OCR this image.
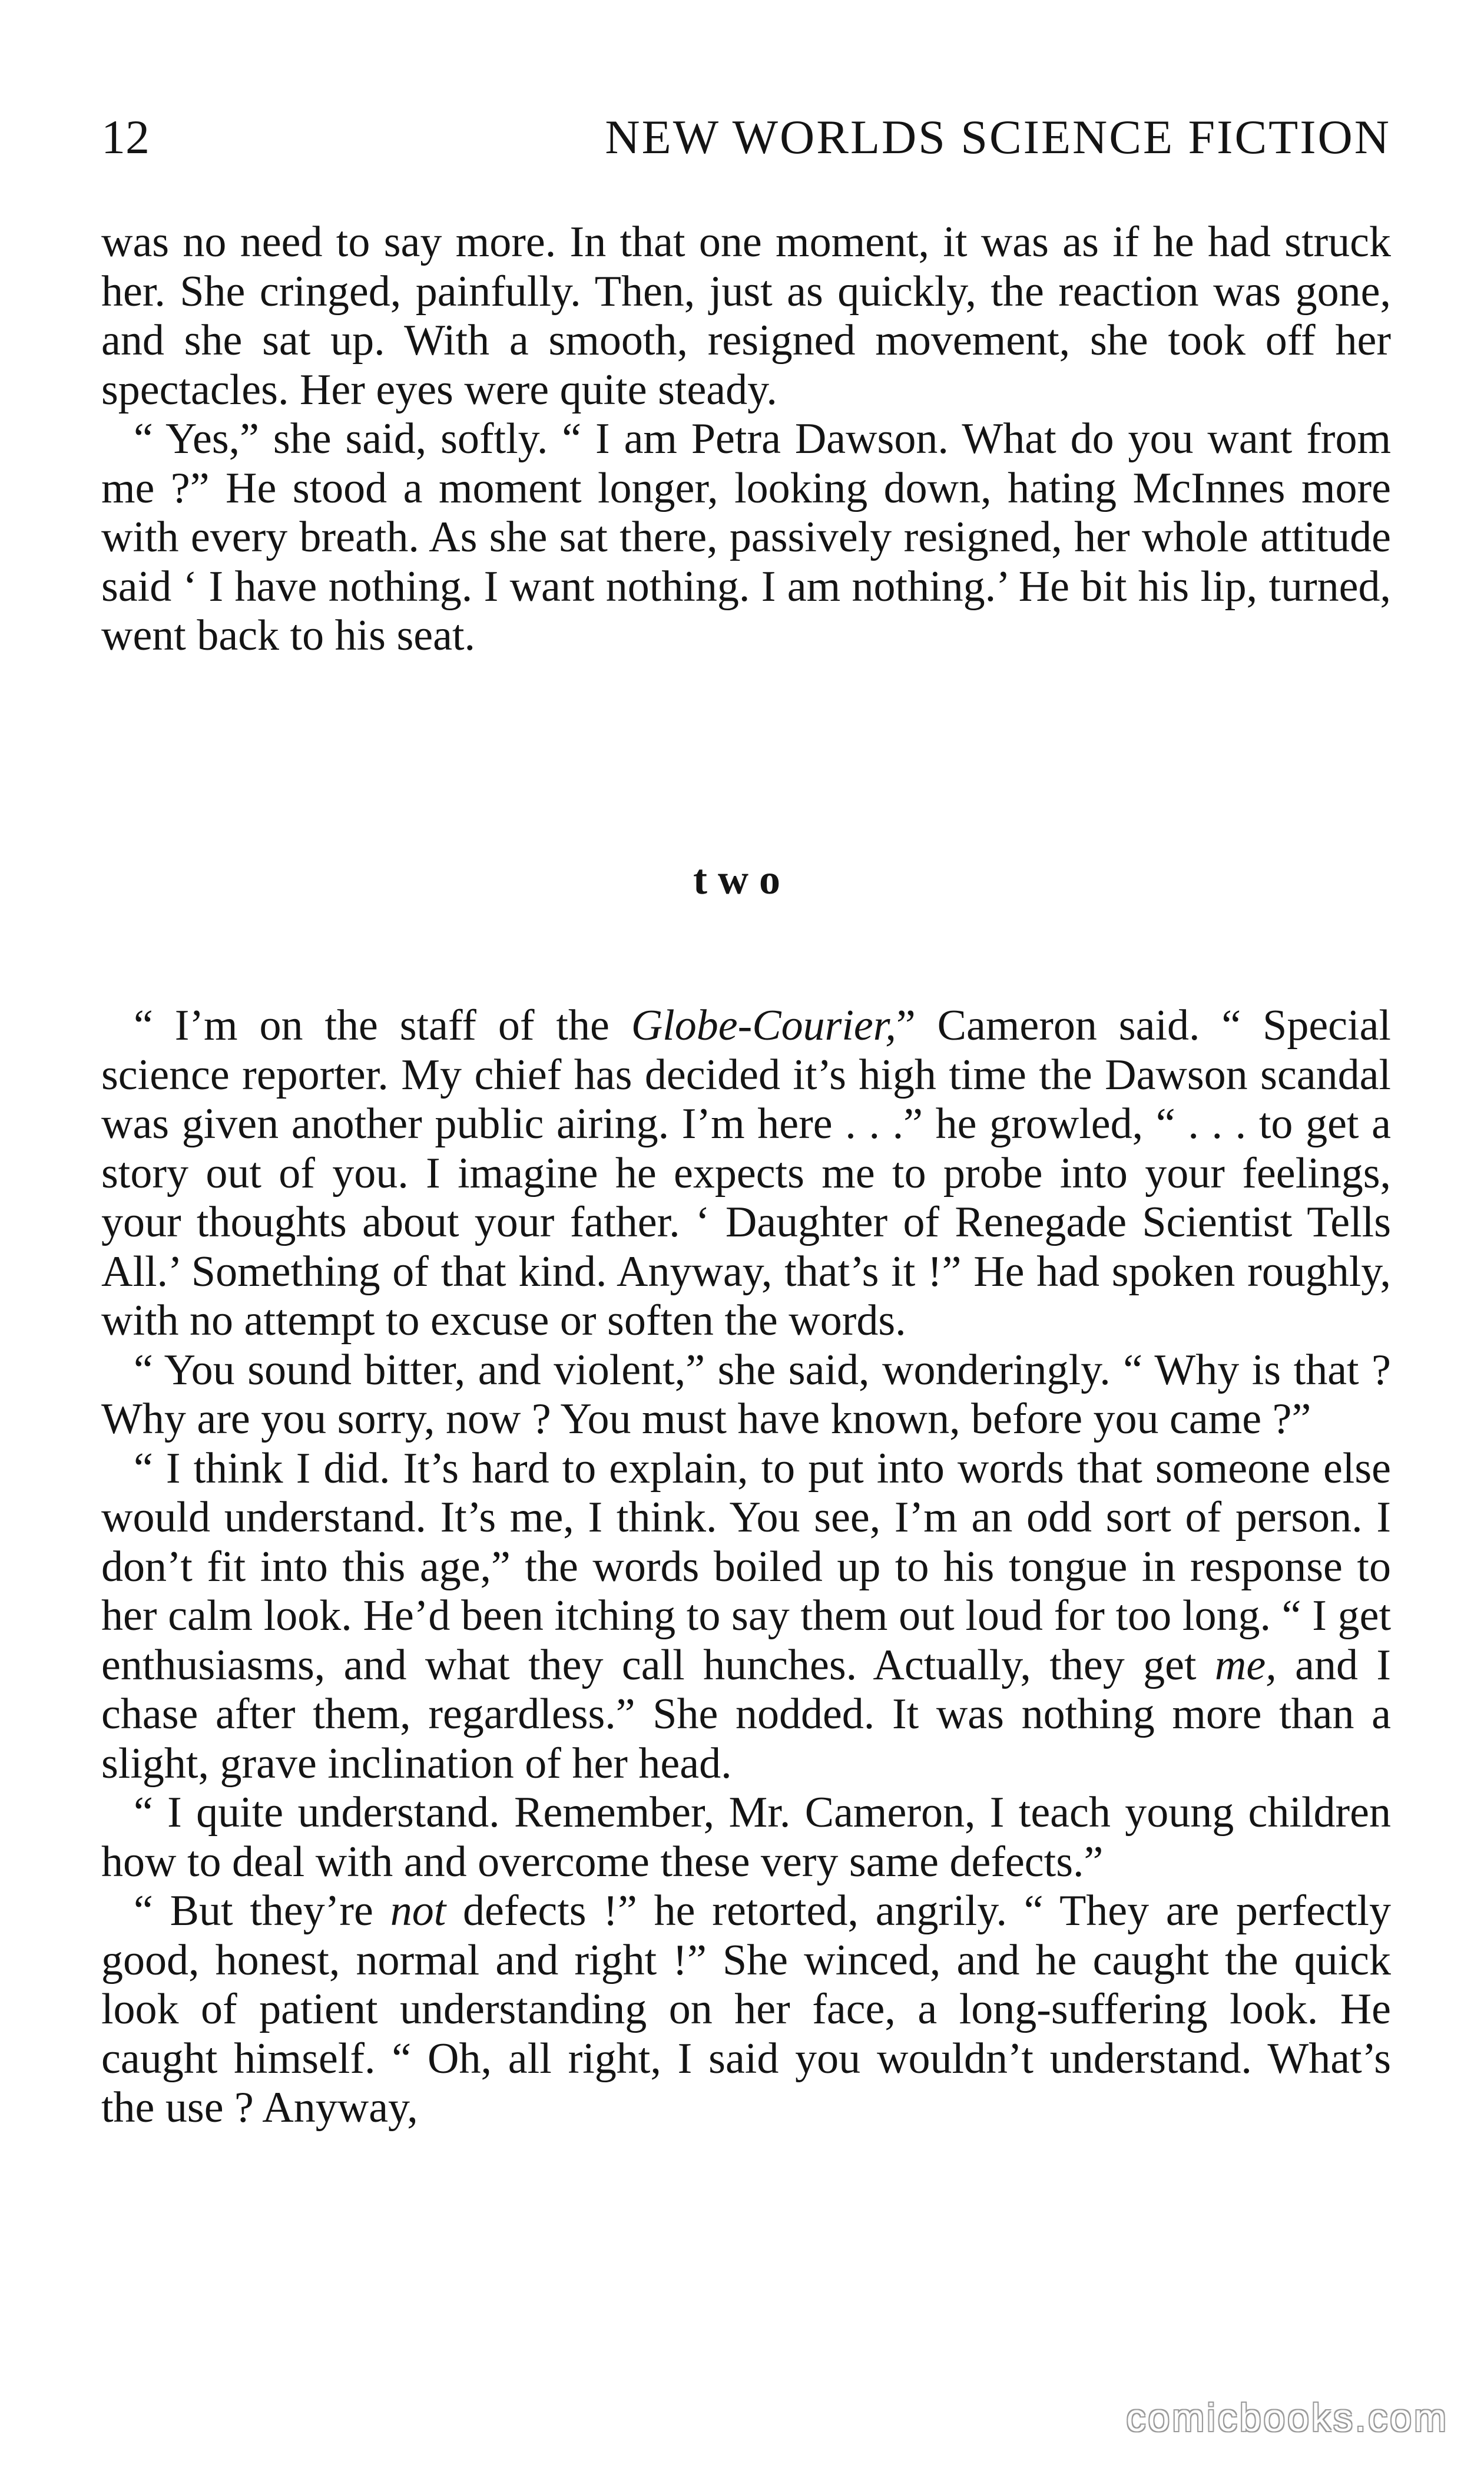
12	NEW WORLDS SCIENCE FICTION

was no need to say more. In that one moment, it was as if he had struck her. She cringed, painfully. Then, just as quickly, the reaction was gone, and she sat up. With a smooth, resigned movement, she took off her spectacles. Her eyes were quite steady.

“ Yes,” she said, softly. “ I am Petra Dawson. What do you want from me ?” He stood a moment longer, looking down, hating McInnes more with every breath. As she sat there, passively resigned, her whole attitude said ‘ I have nothing. I want nothing. I am nothing.’ He bit his lip, turned, went back to his seat.

two

“ I’m on the staff of the Globe-Courier,” Cameron said. “ Special science reporter. My chief has decided it’s high time the Dawson scandal was given another public airing. I’m here . . .” he growled, “ . . . to get a story out of you. I imagine he expects me to probe into your feelings, your thoughts about your father. ‘ Daughter of Renegade Scientist Tells All.’ Something of that kind. Anyway, that’s it !” He had spoken roughly, with no attempt to excuse or soften the words.

“ You sound bitter, and violent,” she said, wonderingly. “ Why is that ? Why are you sorry, now ? You must have known, before you came ?”

“ I think I did. It’s hard to explain, to put into words that someone else would understand. It’s me, I think. You see, I’m an odd sort of person. I don’t fit into this age,” the words boiled up to his tongue in response to her calm look. He’d been itching to say them out loud for too long. “ I get enthusiasms, and what they call hunches. Actually, they get me, and I chase after them, regardless.” She nodded. It was nothing more than a slight, grave inclination of her head.

“ I quite understand. Remember, Mr. Cameron, I teach young children how to deal with and overcome these very same defects.”

“ But they’re not defects !” he retorted, angrily. “ They are perfectly good, honest, normal and right !” She winced, and he caught the quick look of patient understanding on her face, a long-suffering look. He caught himself. “ Oh, all right, I said you wouldn’t understand. What’s the use ? Anyway,

comicbooks.com
